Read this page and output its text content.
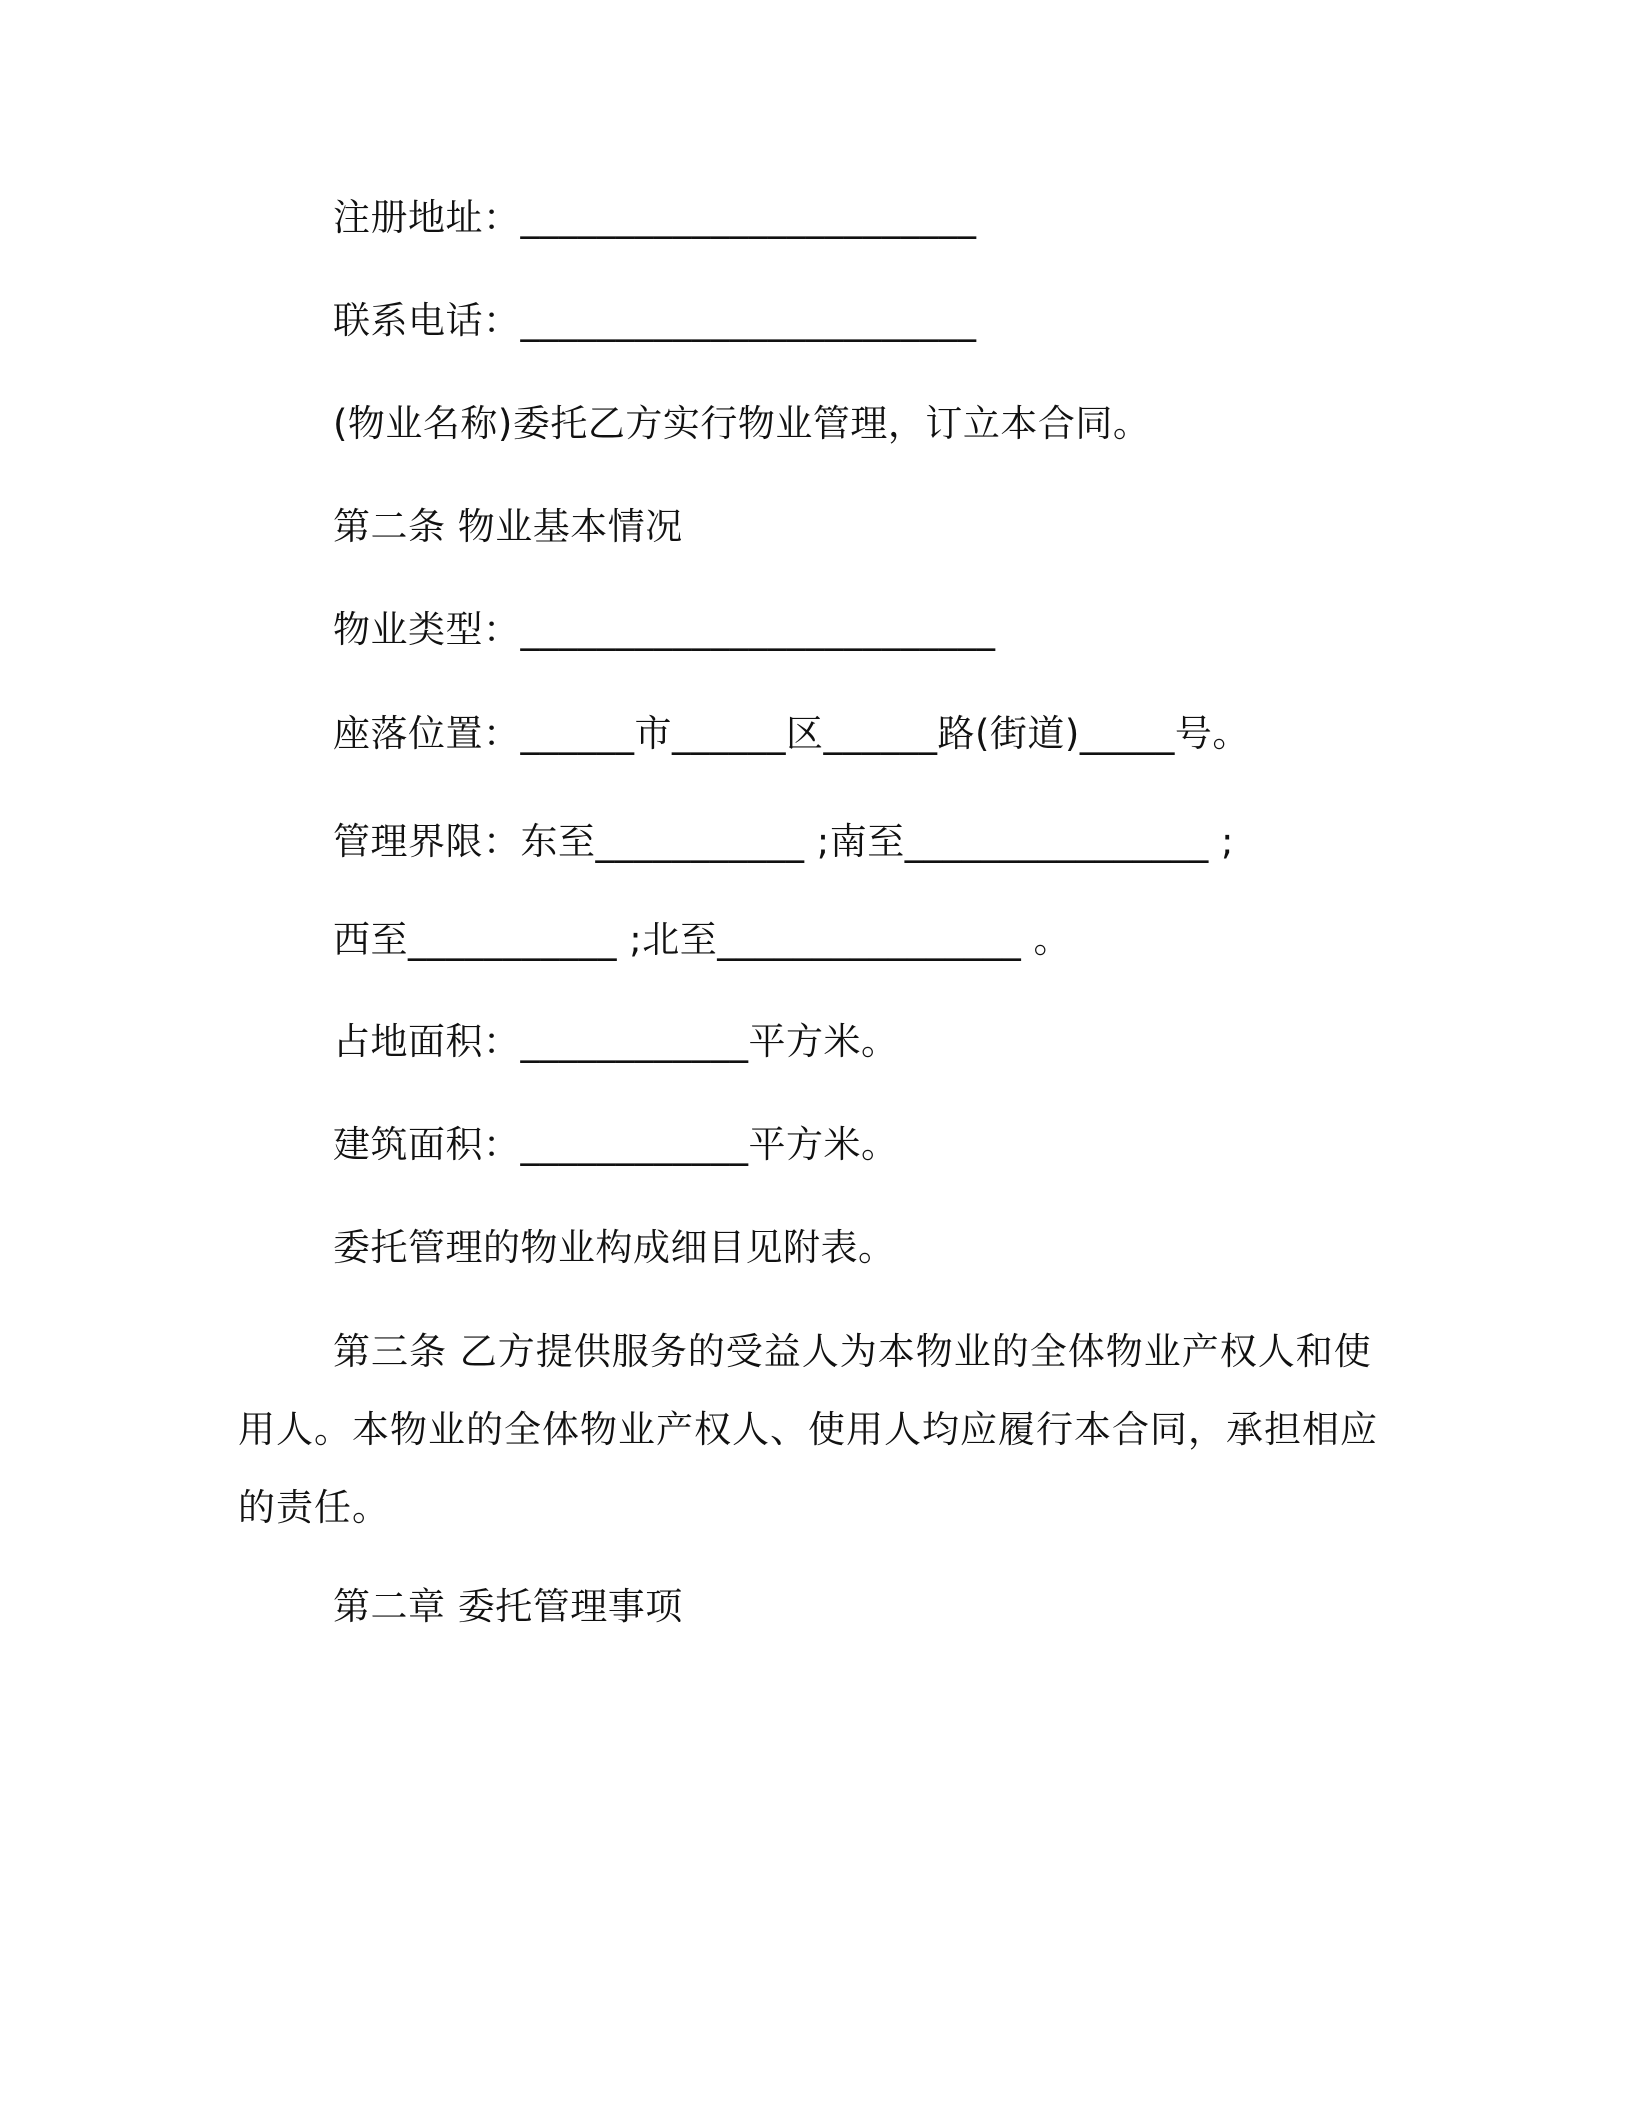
注册地址：________________________
联系电话：________________________
(物业名称)委托乙方实行物业管理，订立本合同。
第二条 物业基本情况
物业类型：_________________________
座落位置：______市______区______路(街道)_____号。
管理界限：东至___________ ;南至________________ ;
西至___________ ;北至________________ 。
占地面积：____________平方米。
建筑面积：____________平方米。
委托管理的物业构成细目见附表。
第三条 乙方提供服务的受益人为本物业的全体物业产权人和使用人。本物业的全体物业产权人、使用人均应履行本合同，承担相应的责任。
第二章 委托管理事项
